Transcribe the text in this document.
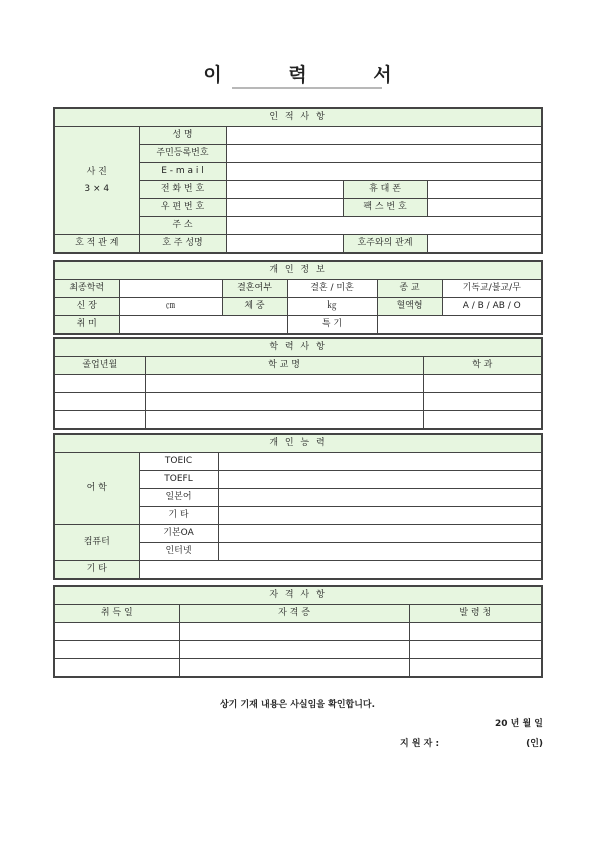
이 력 서
인 적 사 항				

사 진
3 × 4	성 명			
	주민등록번호			
	E - m a i l			
	전 화 번 호		휴 대 폰	
	우 편 번 호		팩 스 번 호	
	주 소			
호 적 관 계	호 주 성명		호주와의 관계	
개 인 정 보					
최종학력		결혼여부	결혼 / 미혼	종 교	기독교/불교/무
신 장	㎝	체 중	㎏	혈액형	A / B / AB / O
취 미			특 기		
학 력 사 항		
졸업년월	학 교 명	학 과

개 인 능 력		
어 학	TOEIC	
	TOEFL	
	일본어	
	기 타	
컴퓨터	기본OA	
	인터넷	
기 타		
자 격 사 항		
취 득 일	자 격 증	발 령 청

상기 기재 내용은 사실임을 확인합니다.
20 년 월 일
지 원 자 :	(인)
